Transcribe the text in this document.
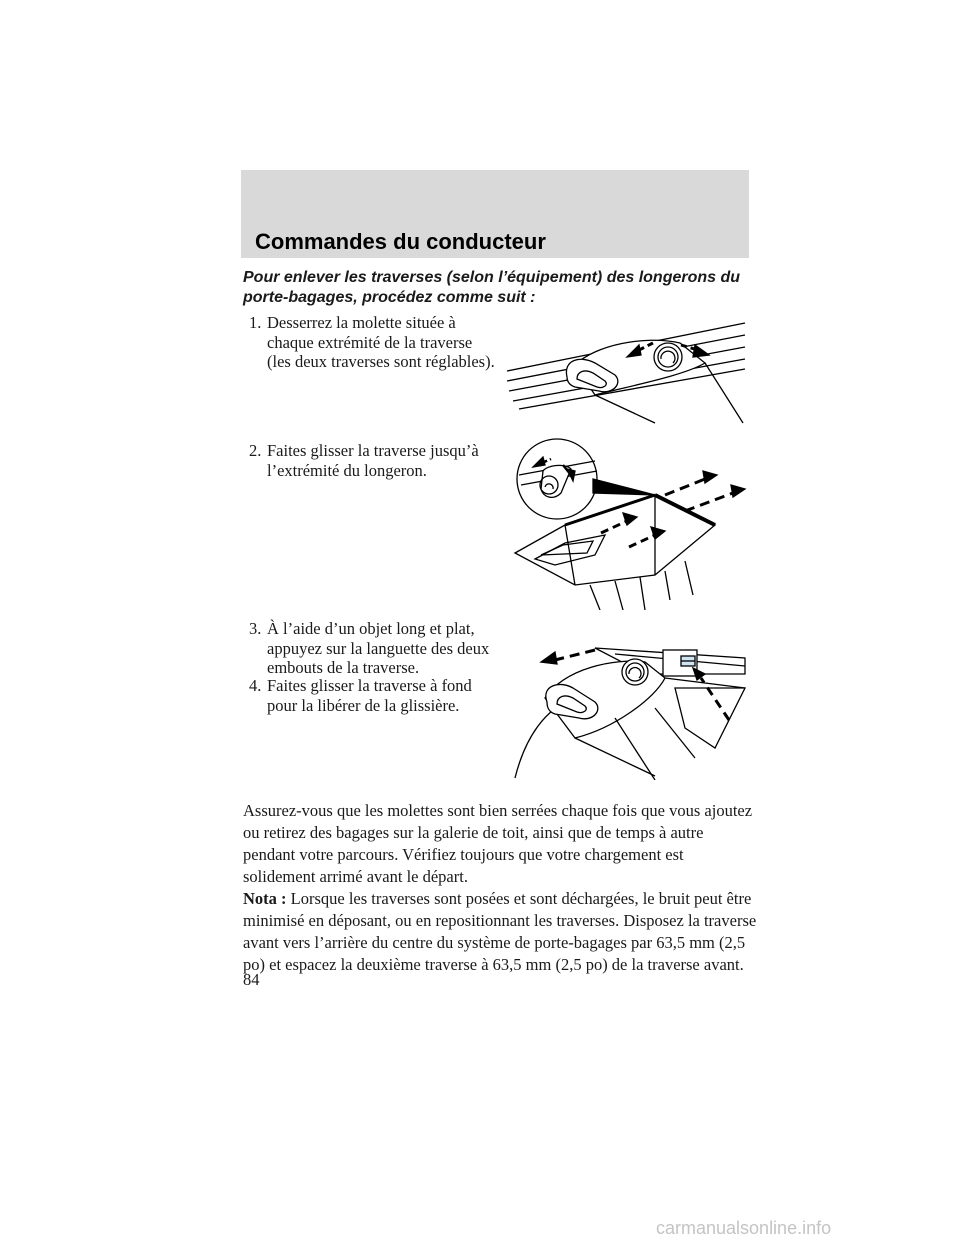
Commandes du conducteur

Pour enlever les traverses (selon l’équipement) des longerons du porte-bagages, procédez comme suit :

1. Desserrez la molette située à chaque extrémité de la traverse (les deux traverses sont réglables).
2. Faites glisser la traverse jusqu’à l’extrémité du longeron.
3. À l’aide d’un objet long et plat, appuyez sur la languette des deux embouts de la traverse.
4. Faites glisser la traverse à fond pour la libérer de la glissière.

Assurez-vous que les molettes sont bien serrées chaque fois que vous ajoutez ou retirez des bagages sur la galerie de toit, ainsi que de temps à autre pendant votre parcours. Vérifiez toujours que votre chargement est solidement arrimé avant le départ.

Nota : Lorsque les traverses sont posées et sont déchargées, le bruit peut être minimisé en déposant, ou en repositionnant les traverses. Disposez la traverse avant vers l’arrière du centre du système de porte-bagages par 63,5 mm (2,5 po) et espacez la deuxième traverse à 63,5 mm (2,5 po) de la traverse avant.

84

carmanualsonline.info
